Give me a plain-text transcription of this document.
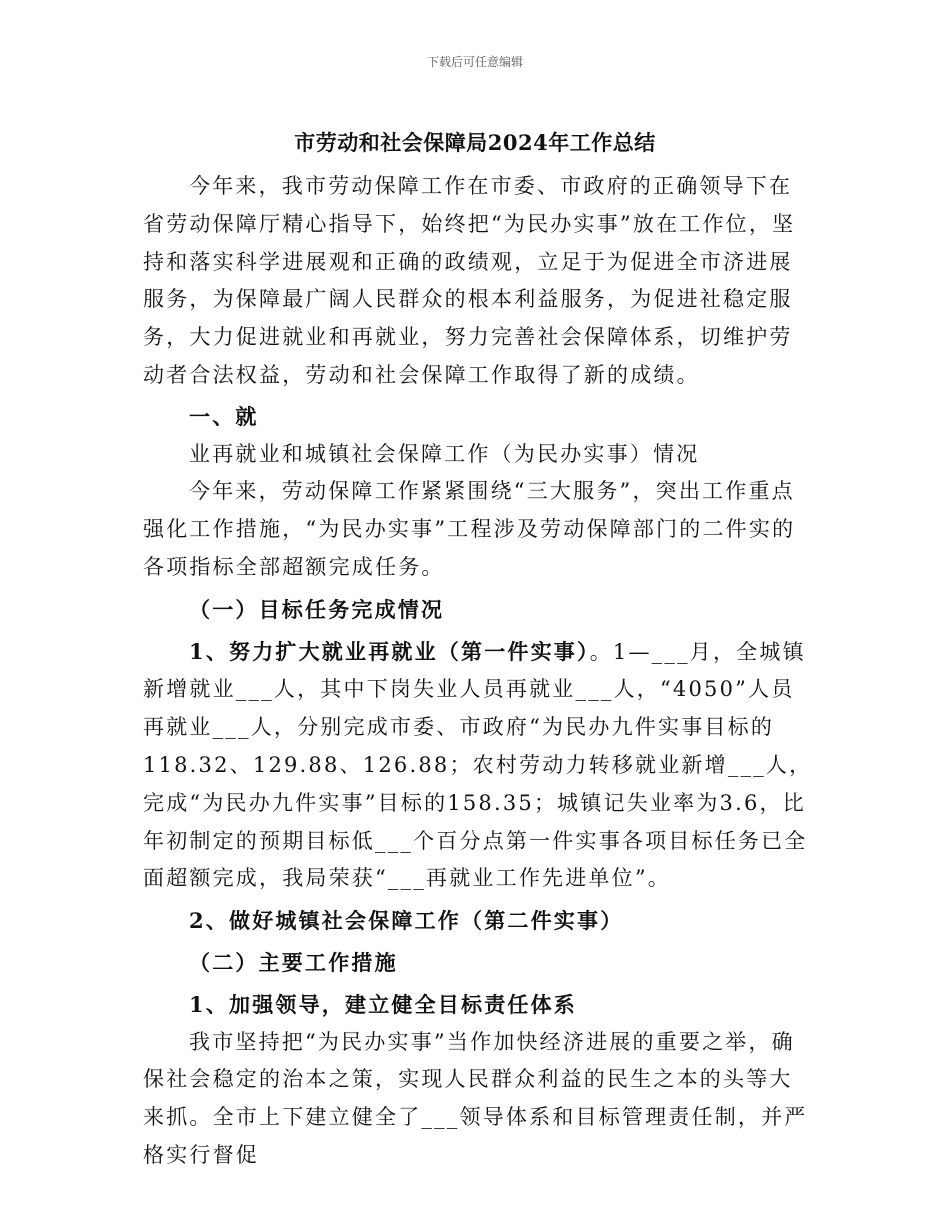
下载后可任意编辑
市劳动和社会保障局2024年工作总结

今年来，我市劳动保障工作在市委、市政府的正确领导下在省劳动保障厅精心指导下，始终把“为民办实事”放在工作位，坚持和落实科学进展观和正确的政绩观，立足于为促进全市济进展服务，为保障最广阔人民群众的根本利益服务，为促进社稳定服务，大力促进就业和再就业，努力完善社会保障体系，切维护劳动者合法权益，劳动和社会保障工作取得了新的成绩。

一、就

业再就业和城镇社会保障工作（为民办实事）情况

今年来，劳动保障工作紧紧围绕“三大服务”，突出工作重点强化工作措施，“为民办实事”工程涉及劳动保障部门的二件实的各项指标全部超额完成任务。

（一）目标任务完成情况

1、努力扩大就业再就业（第一件实事）。1—___月，全城镇新增就业___人，其中下岗失业人员再就业___人，“4050”人员再就业___人，分别完成市委、市政府“为民办九件实事目标的118.32、129.88、126.88；农村劳动力转移就业新增___人，完成“为民办九件实事”目标的158.35；城镇记失业率为3.6，比年初制定的预期目标低___个百分点第一件实事各项目标任务已全面超额完成，我局荣获“___再就业工作先进单位”。

2、做好城镇社会保障工作（第二件实事）

（二）主要工作措施

1、加强领导，建立健全目标责任体系

我市坚持把“为民办实事”当作加快经济进展的重要之举，确保社会稳定的治本之策，实现人民群众利益的民生之本的头等大来抓。全市上下建立健全了___领导体系和目标管理责任制，并严格实行督促
